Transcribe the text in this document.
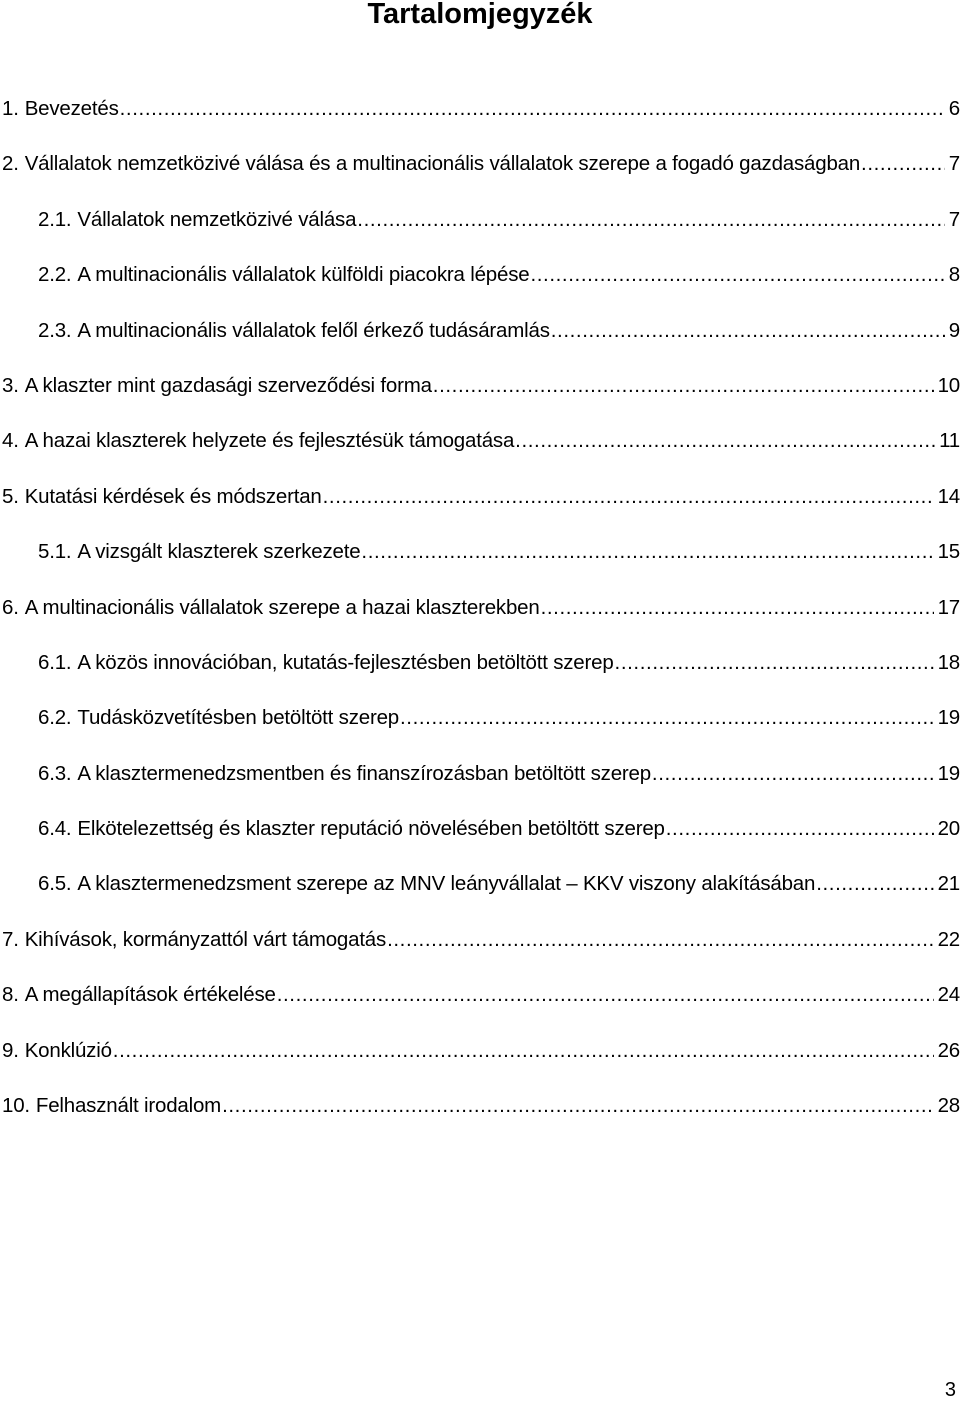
Tartalomjegyzék
1. Bevezetés .....	6
2. Vállalatok nemzetközivé válása és a multinacionális vállalatok szerepe a fogadó gazdaságban .....	7
2.1. Vállalatok nemzetközivé válása .....	7
2.2. A multinacionális vállalatok külföldi piacokra lépése .....	8
2.3. A multinacionális vállalatok felől érkező tudásáramlás .....	9
3. A klaszter mint gazdasági szerveződési forma .....	10
4. A hazai klaszterek helyzete és fejlesztésük támogatása .....	11
5. Kutatási kérdések és módszertan .....	14
5.1. A vizsgált klaszterek szerkezete .....	15
6. A multinacionális vállalatok szerepe a hazai klaszterekben .....	17
6.1. A közös innovációban, kutatás-fejlesztésben betöltött szerep .....	18
6.2. Tudásközvetítésben betöltött szerep .....	19
6.3. A klasztermenedzsmentben és finanszírozásban betöltött szerep .....	19
6.4. Elkötelezettség és klaszter reputáció növelésében betöltött szerep .....	20
6.5. A klasztermenedzsment szerepe az MNV leányvállalat – KKV viszony alakításában .....	21
7. Kihívások, kormányzattól várt támogatás .....	22
8. A megállapítások értékelése .....	24
9. Konklúzió .....	26
10. Felhasznált irodalom .....	28

3
